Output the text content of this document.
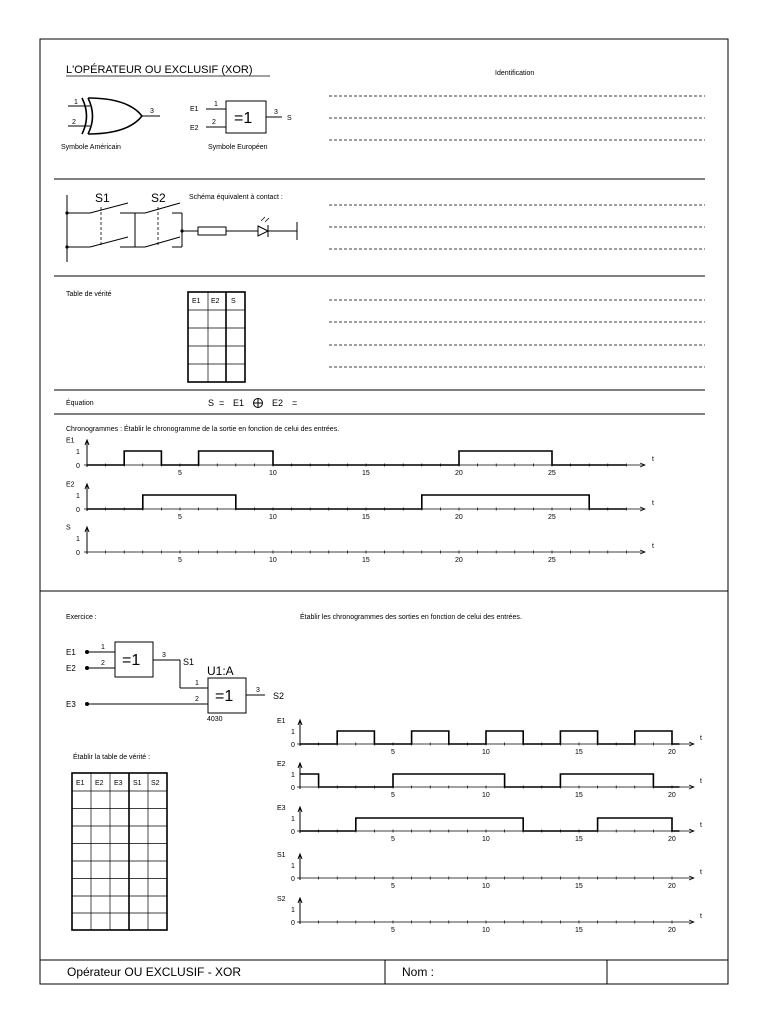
L'OPÉRATEUR OU EXCLUSIF (XOR)	Identification
1
2
3
Symbole Américain
=1
E1
E2
1
2
3
S
Symbole Européen
S1	S2	Schéma équivalent à contact :
Table de vérité
E1 E2 S
Équation	S = E1	E2 =
Chronogrammes : Établir le chronogramme de la sortie en fonction de celui des entrées.
E1
1
0
t
5	10	15	20	25
E2
1
0
t
5	10	15	20	25
S
1
0
t
5	10	15	20	25
Exercice :	Établir les chronogrammes des sorties en fonction de celui des entrées.
E1
E2
E3
1
2 =1	3
S1
U1:A
1
2 =1	3
S2
4030
Établir la table de vérité :
E1 E2 E3 S1 S2
E1
1
0
t
5	10	15	20
E2
1
0
t
5	10	15	20
E3
1
0
t
5	10	15	20
S1
1
0
t
5	10	15	20
S2
1
0
t
5	10	15	20
Opérateur OU EXCLUSIF - XOR	Nom :
